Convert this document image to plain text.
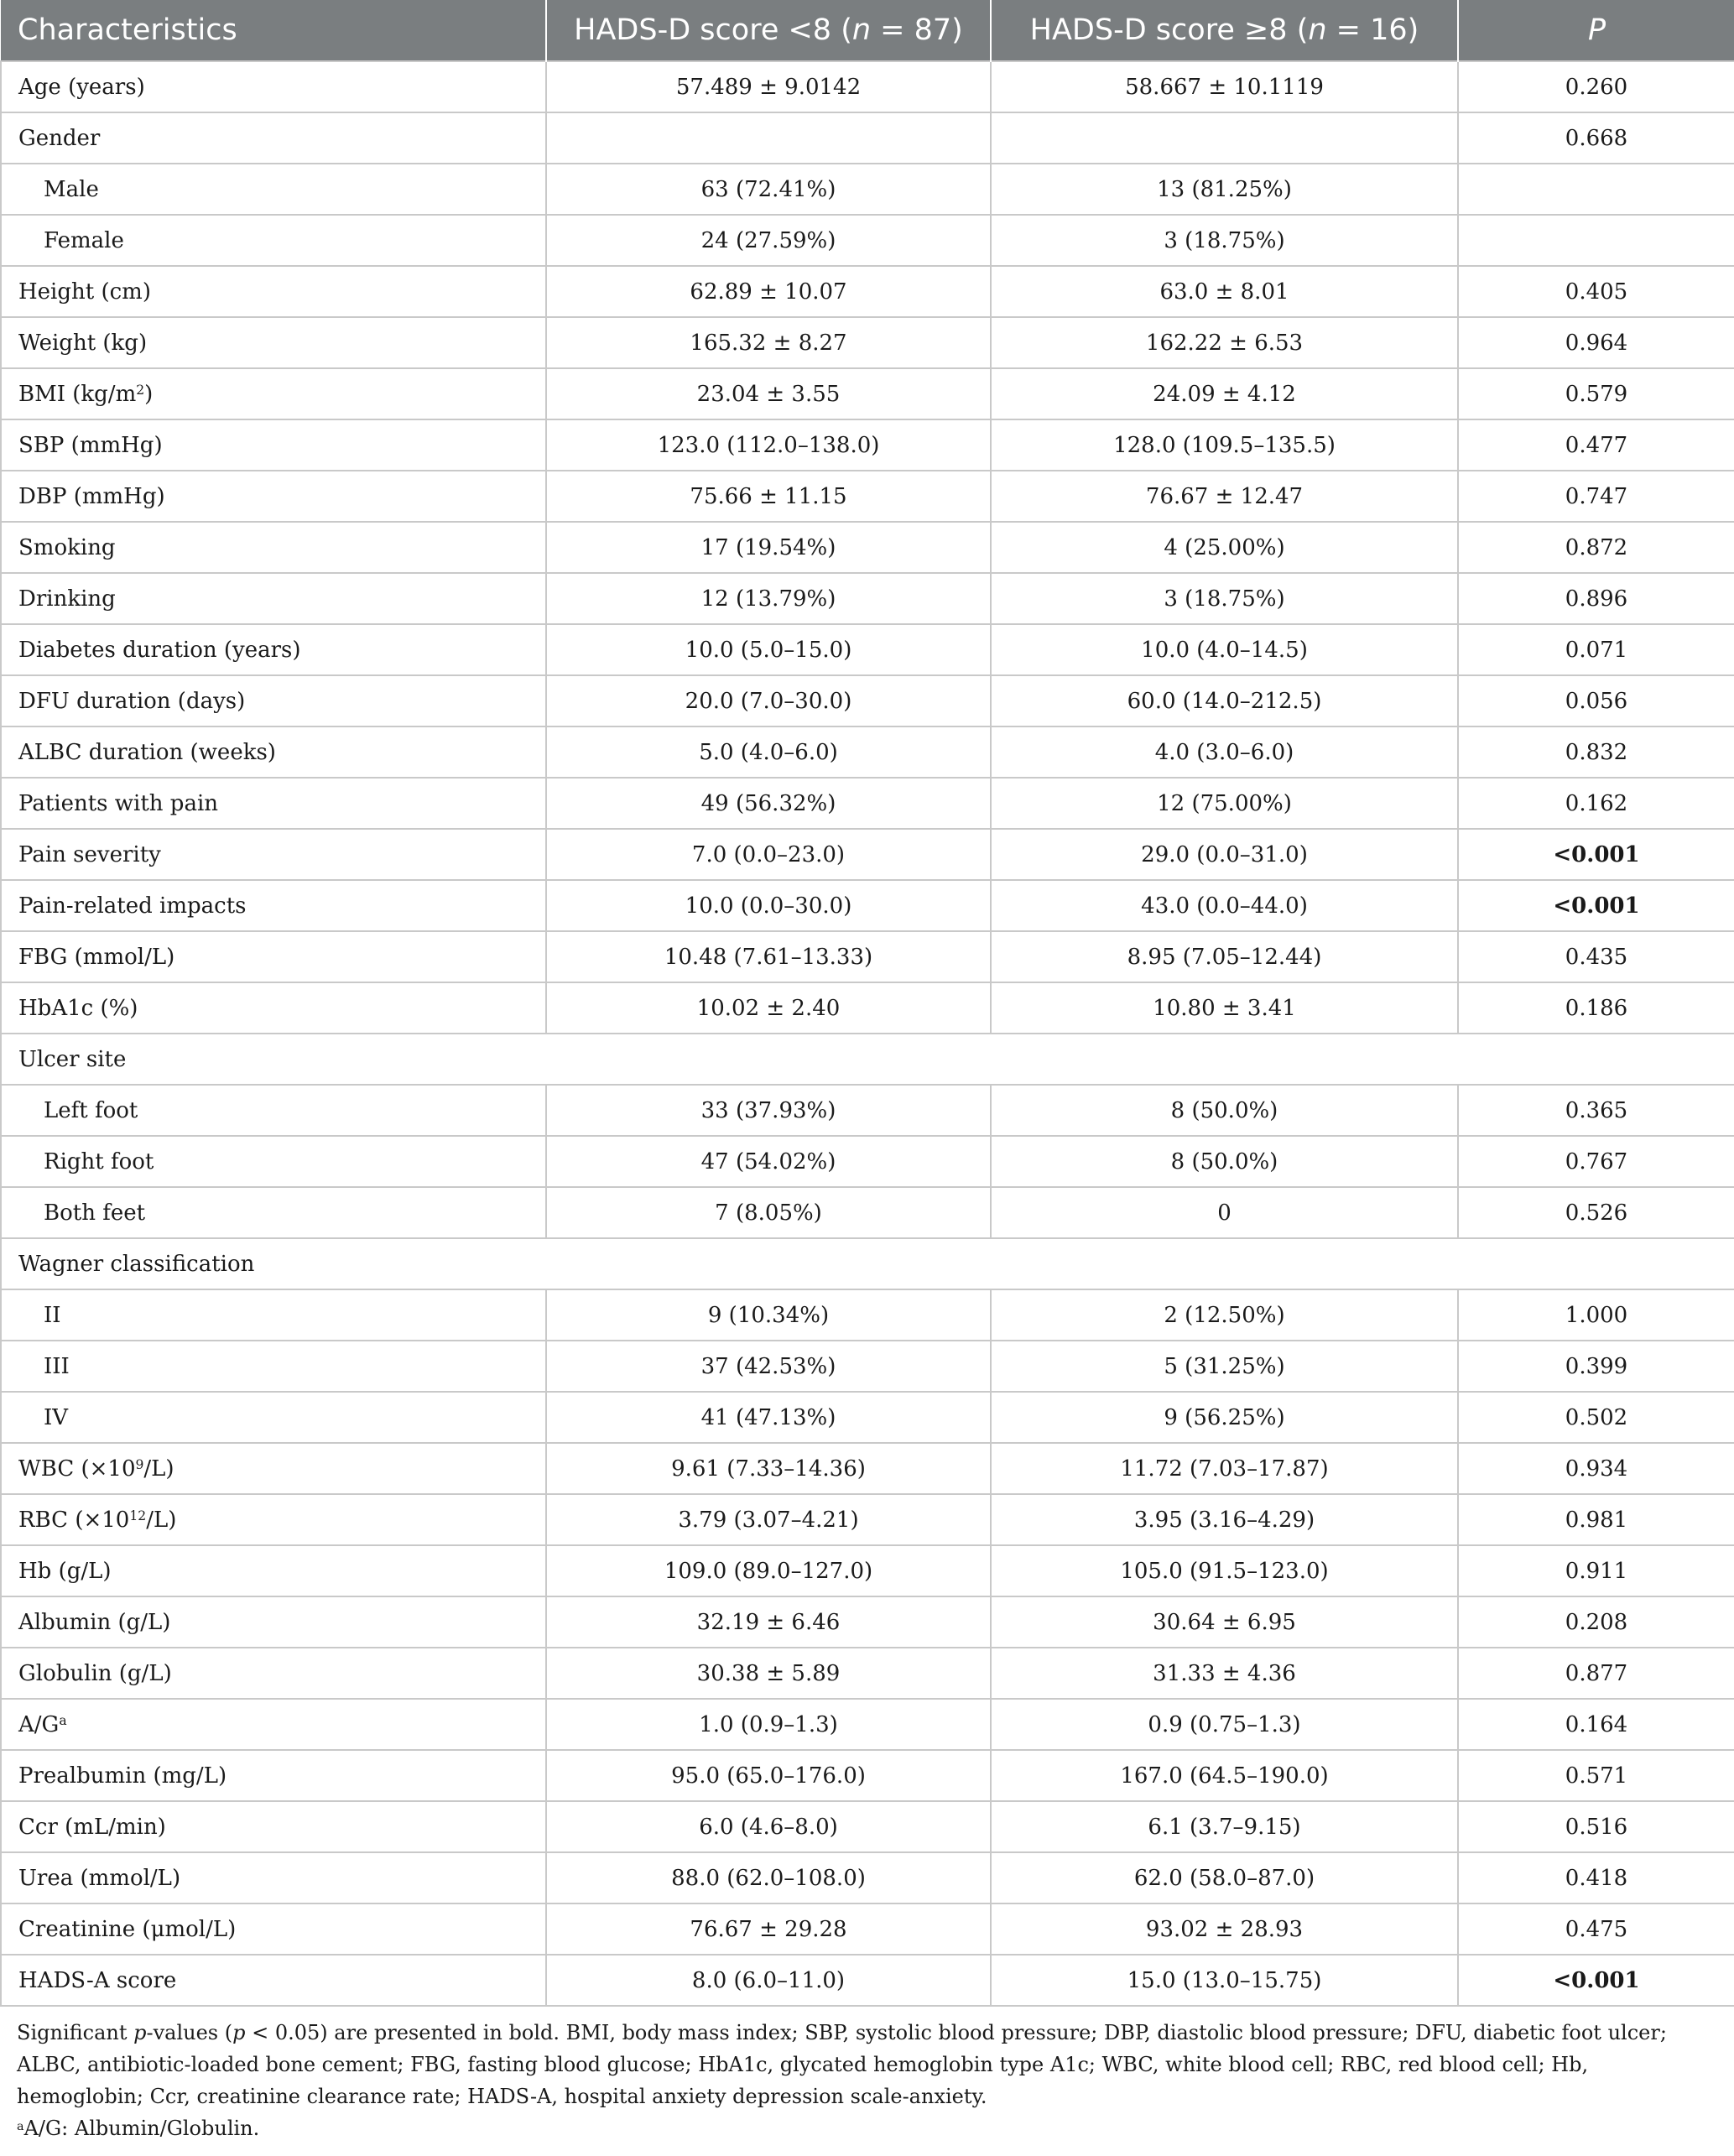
Characteristics	HADS-D score <8 (n = 87)	HADS-D score ≥8 (n = 16)	P
Age (years)	57.489 ± 9.0142	58.667 ± 10.1119	0.260
Gender			0.668
Male	63 (72.41%)	13 (81.25%)	
Female	24 (27.59%)	3 (18.75%)	
Height (cm)	62.89 ± 10.07	63.0 ± 8.01	0.405
Weight (kg)	165.32 ± 8.27	162.22 ± 6.53	0.964
BMI $(kg/m^2)$	23.04 ± 3.55	24.09 ± 4.12	0.579
SBP (mmHg)	123.0 (112.0–138.0)	128.0 (109.5–135.5)	0.477
DBP (mmHg)	75.66 ± 11.15	76.67 ± 12.47	0.747
Smoking	17 (19.54%)	4 (25.00%)	0.872
Drinking	12 (13.79%)	3 (18.75%)	0.896
Diabetes duration (years)	10.0 (5.0–15.0)	10.0 (4.0–14.5)	0.071
DFU duration (days)	20.0 (7.0–30.0)	60.0 (14.0–212.5)	0.056
ALBC duration (weeks)	5.0 (4.0–6.0)	4.0 (3.0–6.0)	0.832
Patients with pain	49 (56.32%)	12 (75.00%)	0.162
Pain severity	7.0 (0.0–23.0)	29.0 (0.0–31.0)	<0.001
Pain-related impacts	10.0 (0.0–30.0)	43.0 (0.0–44.0)	<0.001
FBG (mmol/L)	10.48 (7.61–13.33)	8.95 (7.05–12.44)	0.435
HbA1c (%)	10.02 ± 2.40	10.80 ± 3.41	0.186
Ulcer site			
Left foot	33 (37.93%)	8 (50.0%)	0.365
Right foot	47 (54.02%)	8 (50.0%)	0.767
Both feet	7 (8.05%)	0	0.526
Wagner classification			
II	9 (10.34%)	2 (12.50%)	1.000
III	37 (42.53%)	5 (31.25%)	0.399
IV	41 (47.13%)	9 (56.25%)	0.502
WBC $(\times 10^9/L)$	9.61 (7.33–14.36)	11.72 (7.03–17.87)	0.934
RBC $(\times 10^{12}/L)$	3.79 (3.07–4.21)	3.95 (3.16–4.29)	0.981
Hb (g/L)	109.0 (89.0–127.0)	105.0 (91.5–123.0)	0.911
Albumin (g/L)	32.19 ± 6.46	30.64 ± 6.95	0.208
Globulin (g/L)	30.38 ± 5.89	31.33 ± 4.36	0.877
$A/G^a$	1.0 (0.9–1.3)	0.9 (0.75–1.3)	0.164
Prealbumin (mg/L)	95.0 (65.0–176.0)	167.0 (64.5–190.0)	0.571
Ccr (mL/min)	6.0 (4.6–8.0)	6.1 (3.7–9.15)	0.516
Urea (mmol/L)	88.0 (62.0–108.0)	62.0 (58.0–87.0)	0.418
Creatinine (μmol/L)	76.67 ± 29.28	93.02 ± 28.93	0.475
HADS-A score	8.0 (6.0–11.0)	15.0 (13.0–15.75)	<0.001

Significant p-values (p < 0.05) are presented in bold. BMI, body mass index; SBP, systolic blood pressure; DBP, diastolic blood pressure; DFU, diabetic foot ulcer; ALBC, antibiotic-loaded bone cement; FBG, fasting blood glucose; HbA1c, glycated hemoglobin type A1c; WBC, white blood cell; RBC, red blood cell; Hb, hemoglobin; Ccr, creatinine clearance rate; HADS-A, hospital anxiety depression scale-anxiety.

$^a$A/G: Albumin/Globulin.
